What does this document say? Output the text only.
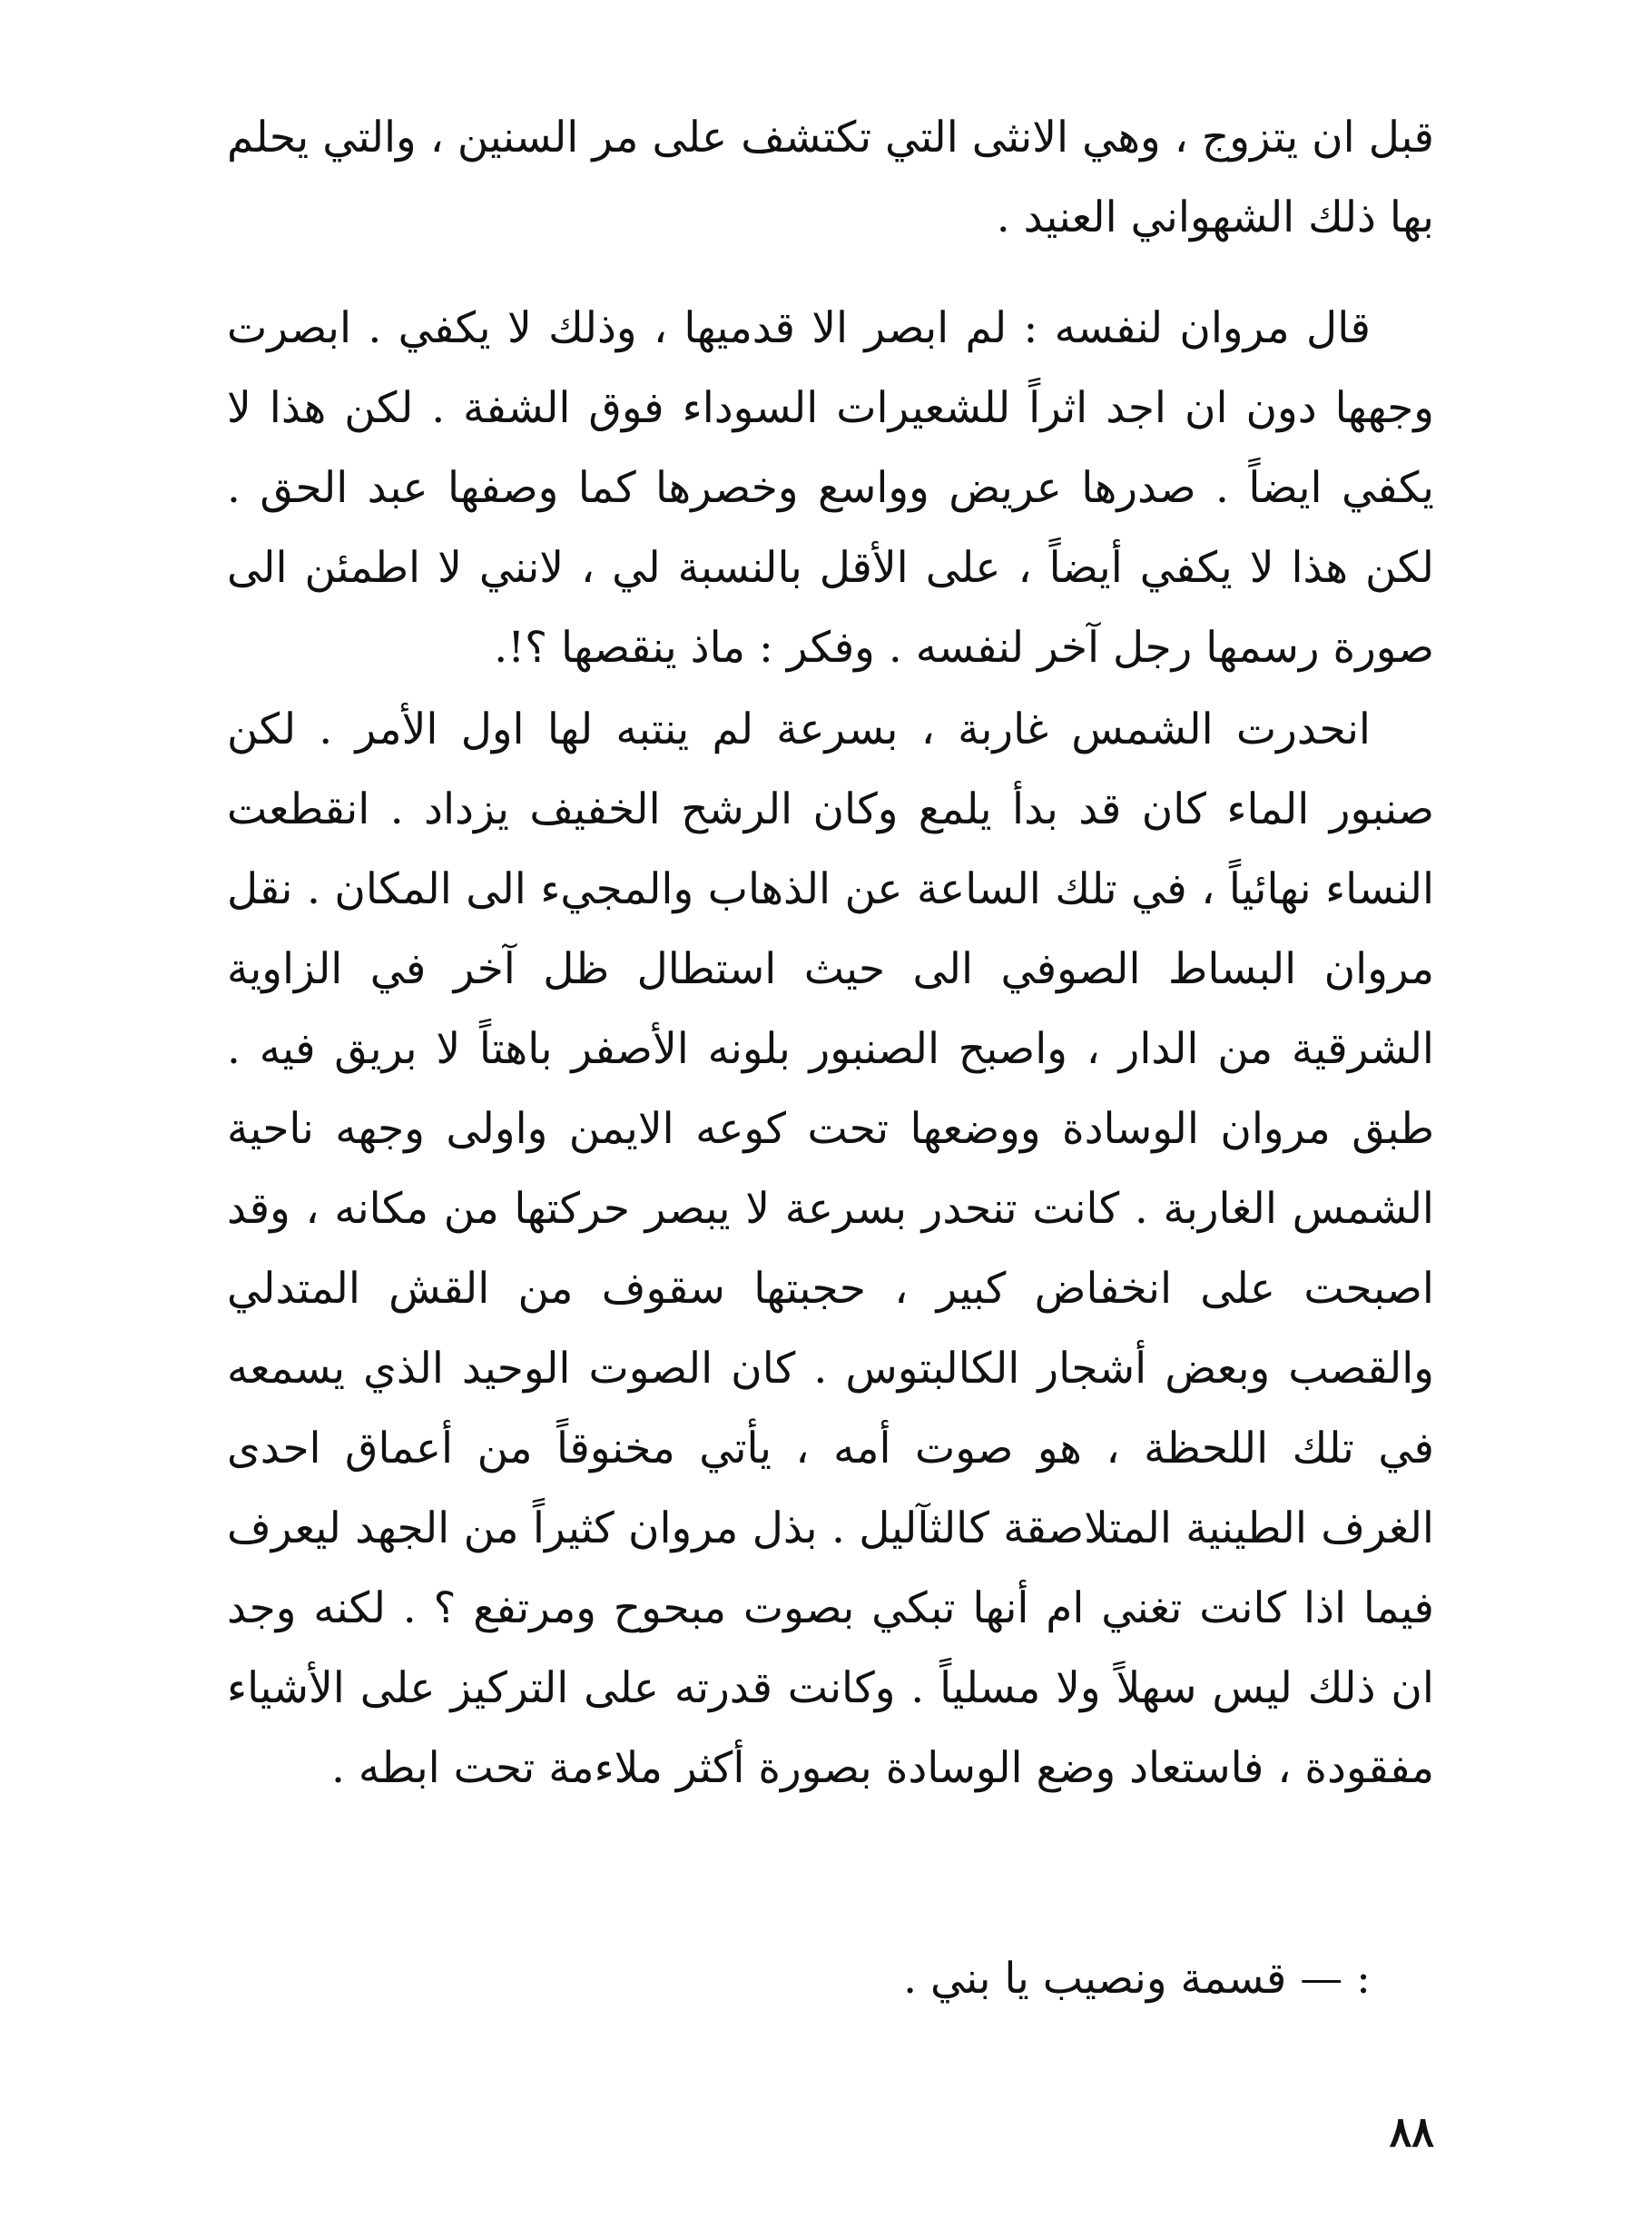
قبل ان يتزوج ، وهي الانثى التي تكتشف على مر السنين ، والتي يحلم بها ذلك الشهواني العنيد .

قال مروان لنفسه : لم ابصر الا قدميها ، وذلك لا يكفي . ابصرت وجهها دون ان اجد اثراً للشعيرات السوداء فوق الشفة . لكن هذا لا يكفي ايضاً . صدرها عريض وواسع وخصرها كما وصفها عبد الحق . لكن هذا لا يكفي أيضاً ، على الأقل بالنسبة لي ، لانني لا اطمئن الى صورة رسمها رجل آخر لنفسه . وفكر : ماذ ينقصها ؟!.

انحدرت الشمس غاربة ، بسرعة لم ينتبه لها اول الأمر . لكن صنبور الماء كان قد بدأ يلمع وكان الرشح الخفيف يزداد . انقطعت النساء نهائياً ، في تلك الساعة عن الذهاب والمجيء الى المكان . نقل مروان البساط الصوفي الى حيث استطال ظل آخر في الزاوية الشرقية من الدار ، واصبح الصنبور بلونه الأصفر باهتاً لا بريق فيه . طبق مروان الوسادة ووضعها تحت كوعه الايمن واولى وجهه ناحية الشمس الغاربة . كانت تنحدر بسرعة لا يبصر حركتها من مكانه ، وقد اصبحت على انخفاض كبير ، حجبتها سقوف من القش المتدلي والقصب وبعض أشجار الكالبتوس . كان الصوت الوحيد الذي يسمعه في تلك اللحظة ، هو صوت أمه ، يأتي مخنوقاً من أعماق احدى الغرف الطينية المتلاصقة كالثآليل . بذل مروان كثيراً من الجهد ليعرف فيما اذا كانت تغني ام أنها تبكي بصوت مبحوح ومرتفع ؟ . لكنه وجد ان ذلك ليس سهلاً ولا مسلياً . وكانت قدرته على التركيز على الأشياء مفقودة ، فاستعاد وضع الوسادة بصورة أكثر ملاءمة تحت ابطه .

: — قسمة ونصيب يا بني .

٨٨
